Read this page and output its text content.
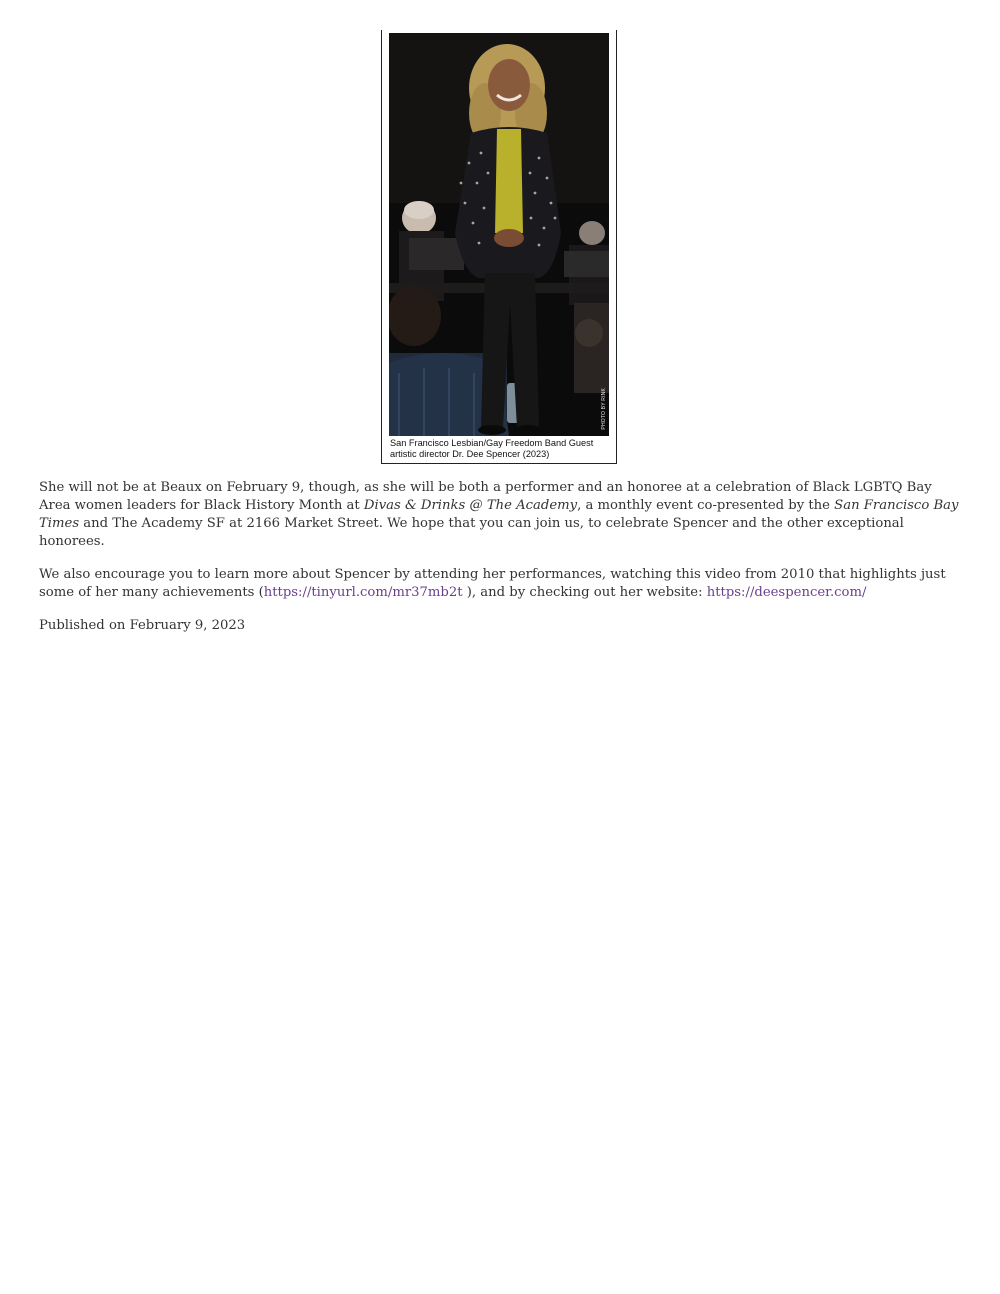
PHOTO BY RINK
San Francisco Lesbian/Gay Freedom Band Guest artistic director Dr. Dee Spencer (2023)

She will not be at Beaux on February 9, though, as she will be both a performer and an honoree at a celebration of Black LGBTQ Bay Area women leaders for Black History Month at Divas & Drinks @ The Academy, a monthly event co-presented by the San Francisco Bay Times and The Academy SF at 2166 Market Street. We hope that you can join us, to celebrate Spencer and the other exceptional honorees.

We also encourage you to learn more about Spencer by attending her performances, watching this video from 2010 that highlights just some of her many achievements (https://tinyurl.com/mr37mb2t ), and by checking out her website: https://deespencer.com/

Published on February 9, 2023
